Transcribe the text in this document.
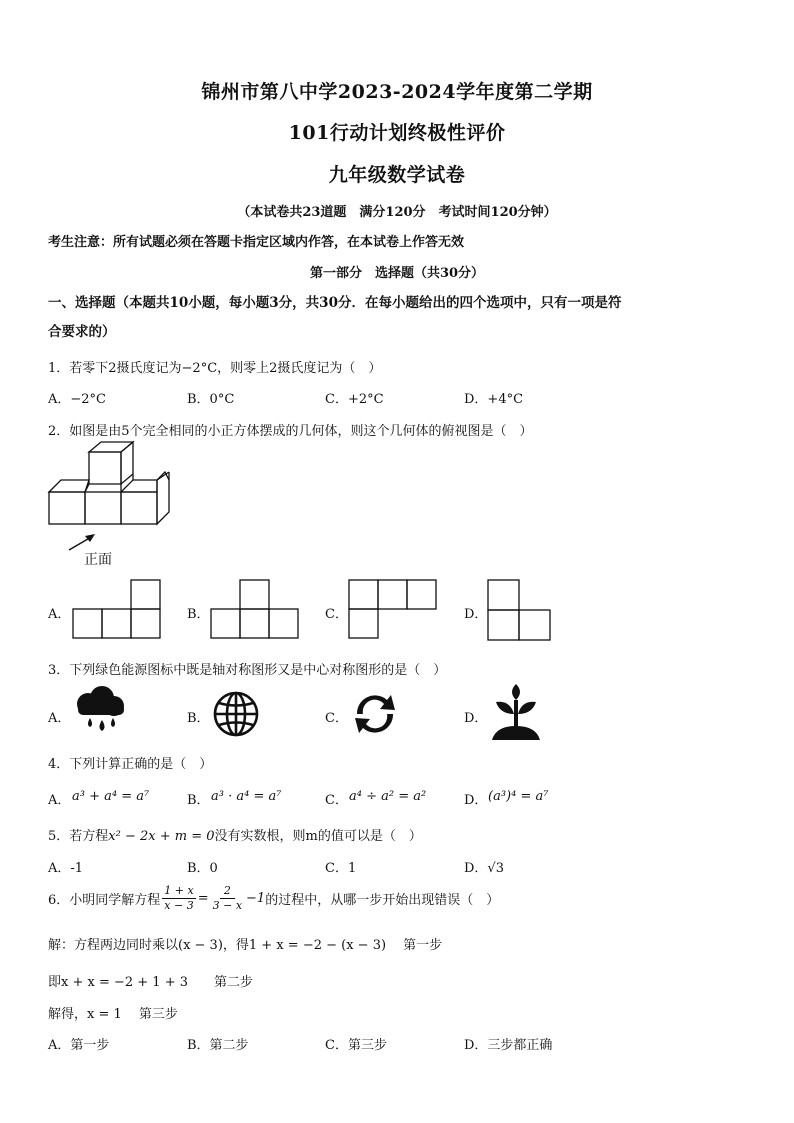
锦州市第八中学2023-2024学年度第二学期
101行动计划终极性评价
九年级数学试卷
（本试卷共23道题　满分120分　考试时间120分钟）
考生注意：所有试题必须在答题卡指定区域内作答，在本试卷上作答无效
第一部分　选择题（共30分）
一、选择题（本题共10小题，每小题3分，共30分．在每小题给出的四个选项中，只有一项是符
合要求的）
1．若零下2摄氏度记为−2°C，则零上2摄氏度记为（　）
A．−2°C	B．0°C	C．+2°C	D．+4°C
2．如图是由5个完全相同的小正方体摆成的几何体，则这个几何体的俯视图是（　）
正面
A．	B．	C．	D．
3．下列绿色能源图标中既是轴对称图形又是中心对称图形的是（　）
A．	B．	C．	D．
4．下列计算正确的是（　）
A． a³ + a⁴ = a⁷	B． a³ · a⁴ = a⁷	C． a⁴ ÷ a² = a²	D． (a³)⁴ = a⁷
5．若方程x² − 2x + m = 0没有实数根，则m的值可以是（　）
A．-1	B．0	C．1	D．√3
6．小明同学解方程 $\frac{1 + x}{x - 3} = \frac{2}{3 - x} -1$ 的过程中，从哪一步开始出现错误（　）
解：方程两边同时乘以(x − 3)，得1 + x = −2 − (x − 3)　 第一步
即x + x = −2 + 1 + 3　　第二步
解得，x = 1　 第三步
A．第一步	B．第二步	C．第三步	D．三步都正确
